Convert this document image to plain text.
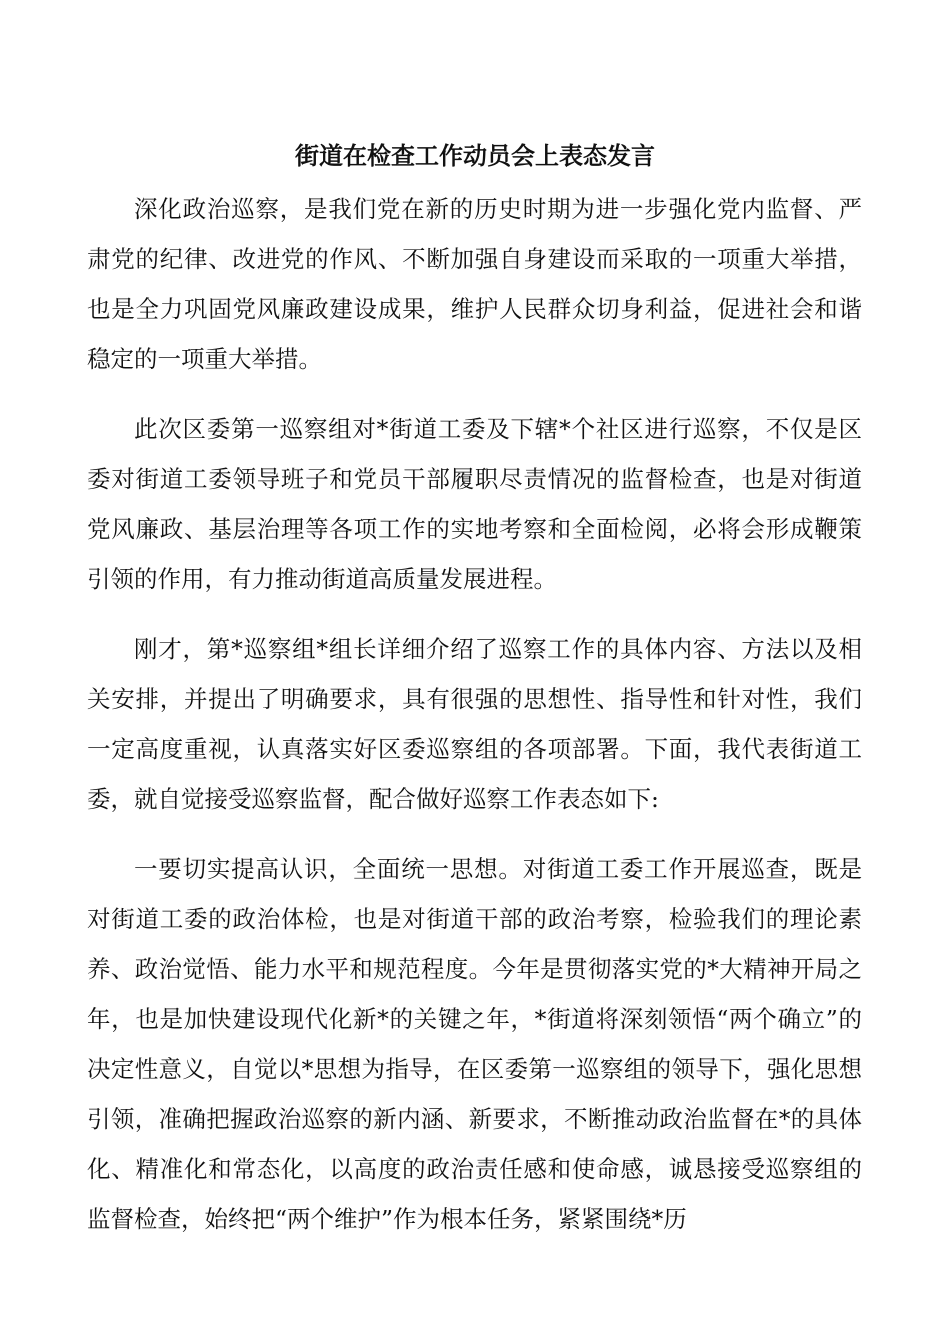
街道在检查工作动员会上表态发言

深化政治巡察，是我们党在新的历史时期为进一步强化党内监督、严肃党的纪律、改进党的作风、不断加强自身建设而采取的一项重大举措，也是全力巩固党风廉政建设成果，维护人民群众切身利益，促进社会和谐稳定的一项重大举措。

此次区委第一巡察组对*街道工委及下辖*个社区进行巡察，不仅是区委对街道工委领导班子和党员干部履职尽责情况的监督检查，也是对街道党风廉政、基层治理等各项工作的实地考察和全面检阅，必将会形成鞭策引领的作用，有力推动街道高质量发展进程。

刚才，第*巡察组*组长详细介绍了巡察工作的具体内容、方法以及相关安排，并提出了明确要求，具有很强的思想性、指导性和针对性，我们一定高度重视，认真落实好区委巡察组的各项部署。下面，我代表街道工委，就自觉接受巡察监督，配合做好巡察工作表态如下:

一要切实提高认识，全面统一思想。对街道工委工作开展巡查，既是对街道工委的政治体检，也是对街道干部的政治考察，检验我们的理论素养、政治觉悟、能力水平和规范程度。今年是贯彻落实党的*大精神开局之年，也是加快建设现代化新*的关键之年，*街道将深刻领悟“两个确立”的决定性意义，自觉以*思想为指导，在区委第一巡察组的领导下，强化思想引领，准确把握政治巡察的新内涵、新要求，不断推动政治监督在*的具体化、精准化和常态化，以高度的政治责任感和使命感，诚恳接受巡察组的监督检查，始终把“两个维护”作为根本任务，紧紧围绕*历
